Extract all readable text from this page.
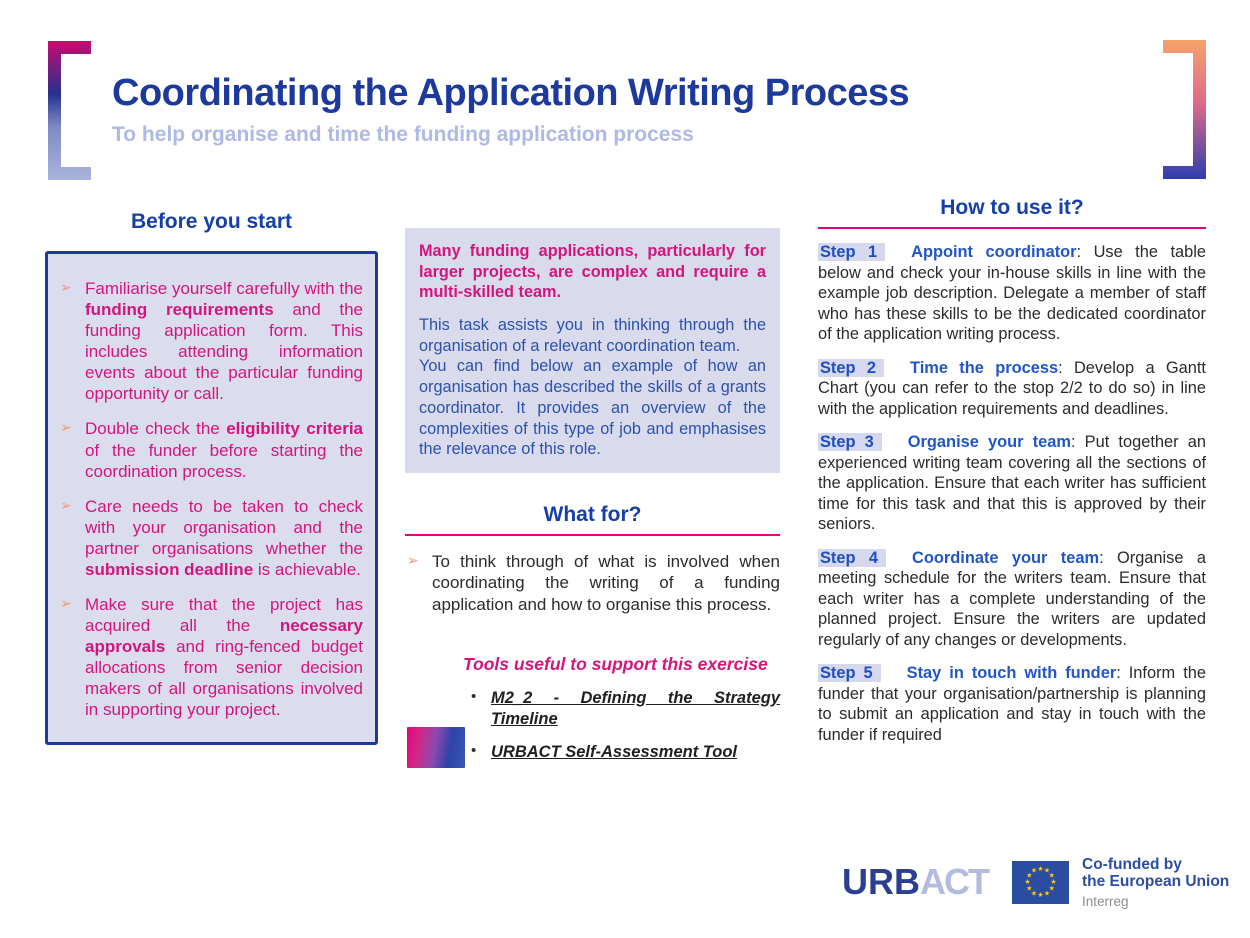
Coordinating the Application Writing Process
To help organise and time the funding application process
Before you start
➢ Familiarise yourself carefully with the funding requirements and the funding application form. This includes attending information events about the particular funding opportunity or call.
➢ Double check the eligibility criteria of the funder before starting the coordination process.
➢ Care needs to be taken to check with your organisation and the partner organisations whether the submission deadline is achievable.
➢ Make sure that the project has acquired all the necessary approvals and ring-fenced budget allocations from senior decision makers of all organisations involved in supporting your project.
Many funding applications, particularly for larger projects, are complex and require a multi-skilled team.
This task assists you in thinking through the organisation of a relevant coordination team.
You can find below an example of how an organisation has described the skills of a grants coordinator. It provides an overview of the complexities of this type of job and emphasises the relevance of this role.
What for?
➢ To think through of what is involved when coordinating the writing of a funding application and how to organise this process.
Tools useful to support this exercise
• M2_2 - Defining the Strategy Timeline
• URBACT Self-Assessment Tool
How to use it?
Step 1 Appoint coordinator: Use the table below and check your in-house skills in line with the example job description. Delegate a member of staff who has these skills to be the dedicated coordinator of the application writing process.
Step 2 Time the process: Develop a Gantt Chart (you can refer to the stop 2/2 to do so) in line with the application requirements and deadlines.
Step 3 Organise your team: Put together an experienced writing team covering all the sections of the application. Ensure that each writer has sufficient time for this task and that this is approved by their seniors.
Step 4 Coordinate your team: Organise a meeting schedule for the writers team. Ensure that each writer has a complete understanding of the planned project. Ensure the writers are updated regularly of any changes or developments.
Step 5 Stay in touch with funder: Inform the funder that your organisation/partnership is planning to submit an application and stay in touch with the funder if required
URBACT	★ ★
★
★
★
★
★
★
★
★
★
★	Co-funded by
the European Union
Interreg
